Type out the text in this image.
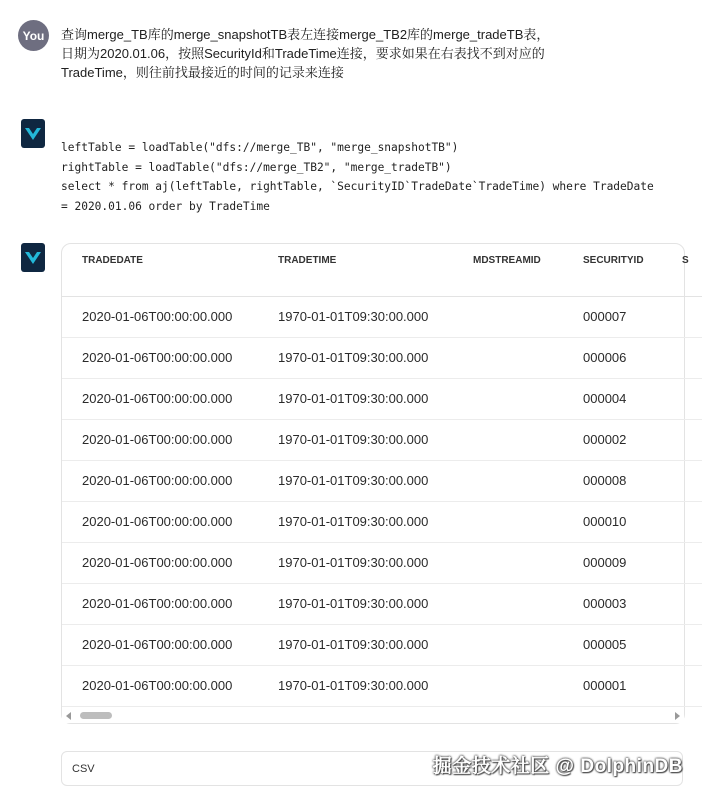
You	查询merge_TB库的merge_snapshotTB表左连接merge_TB2库的merge_tradeTB表，

日期为2020.01.06，按照SecurityId和TradeTime连接，要求如果在右表找不到对应的

TradeTime，则往前找最接近的时间的记录来连接

leftTable = loadTable("dfs://merge_TB", "merge_snapshotTB")
rightTable = loadTable("dfs://merge_TB2", "merge_tradeTB")
select * from aj(leftTable, rightTable, `SecurityID`TradeDate`TradeTime) where TradeDate
= 2020.01.06 order by TradeTime
TRADEDATE	TRADETIME	MDSTREAMID	SECURITYID	S
2020-01-06T00:00:00.000	1970-01-01T09:30:00.000		000007	
2020-01-06T00:00:00.000	1970-01-01T09:30:00.000		000006	
2020-01-06T00:00:00.000	1970-01-01T09:30:00.000		000004	
2020-01-06T00:00:00.000	1970-01-01T09:30:00.000		000002	
2020-01-06T00:00:00.000	1970-01-01T09:30:00.000		000008	
2020-01-06T00:00:00.000	1970-01-01T09:30:00.000		000010	
2020-01-06T00:00:00.000	1970-01-01T09:30:00.000		000009	
2020-01-06T00:00:00.000	1970-01-01T09:30:00.000		000003	
2020-01-06T00:00:00.000	1970-01-01T09:30:00.000		000005	
2020-01-06T00:00:00.000	1970-01-01T09:30:00.000		000001	
CSV	掘金技术社区 @ DolphinDB
